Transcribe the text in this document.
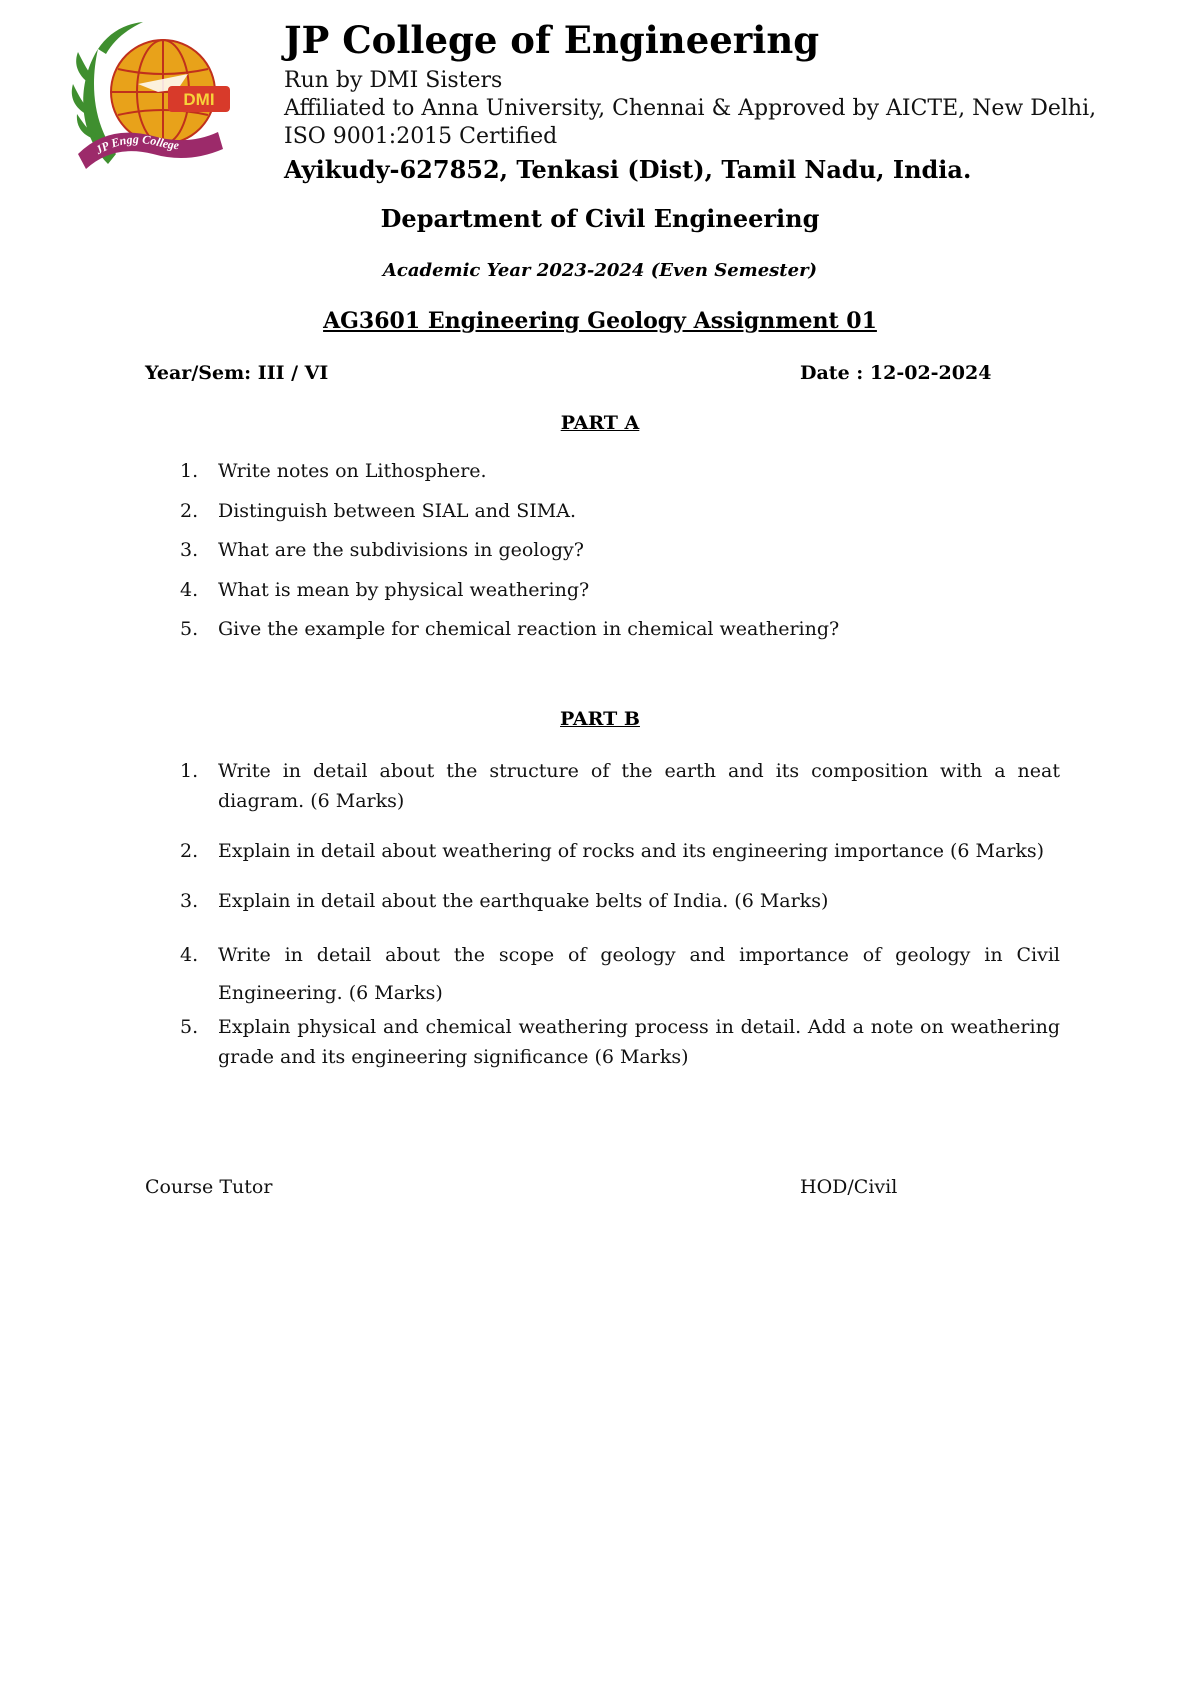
DMI
JP Engg College
MEDIA
JP College of Engineering
Run by DMI Sisters
Affiliated to Anna University, Chennai & Approved by AICTE, New Delhi,
ISO 9001:2015 Certified
Ayikudy-627852, Tenkasi (Dist), Tamil Nadu, India.
Department of Civil Engineering
Academic Year 2023-2024 (Even Semester)
AG3601 Engineering Geology Assignment 01
Year/Sem: III / VI	Date : 12-02-2024
PART A
1. Write notes on Lithosphere.
2. Distinguish between SIAL and SIMA.
3. What are the subdivisions in geology?
4. What is mean by physical weathering?
5. Give the example for chemical reaction in chemical weathering?
PART B
1. Write in detail about the structure of the earth and its composition with a neat diagram. (6 Marks)
2. Explain in detail about weathering of rocks and its engineering importance (6 Marks)
3. Explain in detail about the earthquake belts of India. (6 Marks)
4. Write in detail about the scope of geology and importance of geology in Civil Engineering. (6 Marks)
5. Explain physical and chemical weathering process in detail. Add a note on weathering grade and its engineering significance (6 Marks)
Course Tutor	HOD/Civil
